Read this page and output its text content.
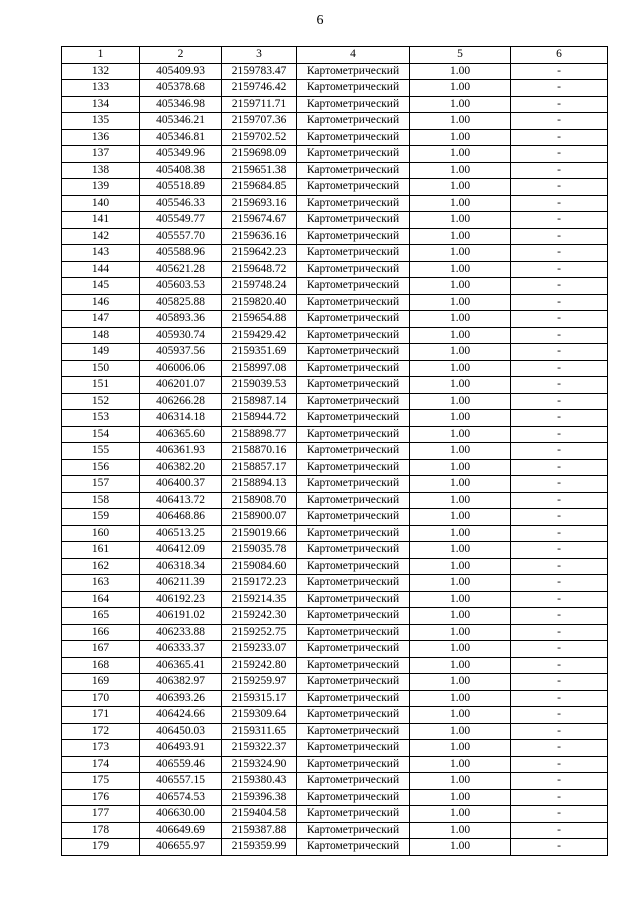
6
1	2	3	4	5	6
132	405409.93	2159783.47	Картометрический	1.00	-
133	405378.68	2159746.42	Картометрический	1.00	-
134	405346.98	2159711.71	Картометрический	1.00	-
135	405346.21	2159707.36	Картометрический	1.00	-
136	405346.81	2159702.52	Картометрический	1.00	-
137	405349.96	2159698.09	Картометрический	1.00	-
138	405408.38	2159651.38	Картометрический	1.00	-
139	405518.89	2159684.85	Картометрический	1.00	-
140	405546.33	2159693.16	Картометрический	1.00	-
141	405549.77	2159674.67	Картометрический	1.00	-
142	405557.70	2159636.16	Картометрический	1.00	-
143	405588.96	2159642.23	Картометрический	1.00	-
144	405621.28	2159648.72	Картометрический	1.00	-
145	405603.53	2159748.24	Картометрический	1.00	-
146	405825.88	2159820.40	Картометрический	1.00	-
147	405893.36	2159654.88	Картометрический	1.00	-
148	405930.74	2159429.42	Картометрический	1.00	-
149	405937.56	2159351.69	Картометрический	1.00	-
150	406006.06	2158997.08	Картометрический	1.00	-
151	406201.07	2159039.53	Картометрический	1.00	-
152	406266.28	2158987.14	Картометрический	1.00	-
153	406314.18	2158944.72	Картометрический	1.00	-
154	406365.60	2158898.77	Картометрический	1.00	-
155	406361.93	2158870.16	Картометрический	1.00	-
156	406382.20	2158857.17	Картометрический	1.00	-
157	406400.37	2158894.13	Картометрический	1.00	-
158	406413.72	2158908.70	Картометрический	1.00	-
159	406468.86	2158900.07	Картометрический	1.00	-
160	406513.25	2159019.66	Картометрический	1.00	-
161	406412.09	2159035.78	Картометрический	1.00	-
162	406318.34	2159084.60	Картометрический	1.00	-
163	406211.39	2159172.23	Картометрический	1.00	-
164	406192.23	2159214.35	Картометрический	1.00	-
165	406191.02	2159242.30	Картометрический	1.00	-
166	406233.88	2159252.75	Картометрический	1.00	-
167	406333.37	2159233.07	Картометрический	1.00	-
168	406365.41	2159242.80	Картометрический	1.00	-
169	406382.97	2159259.97	Картометрический	1.00	-
170	406393.26	2159315.17	Картометрический	1.00	-
171	406424.66	2159309.64	Картометрический	1.00	-
172	406450.03	2159311.65	Картометрический	1.00	-
173	406493.91	2159322.37	Картометрический	1.00	-
174	406559.46	2159324.90	Картометрический	1.00	-
175	406557.15	2159380.43	Картометрический	1.00	-
176	406574.53	2159396.38	Картометрический	1.00	-
177	406630.00	2159404.58	Картометрический	1.00	-
178	406649.69	2159387.88	Картометрический	1.00	-
179	406655.97	2159359.99	Картометрический	1.00	-
